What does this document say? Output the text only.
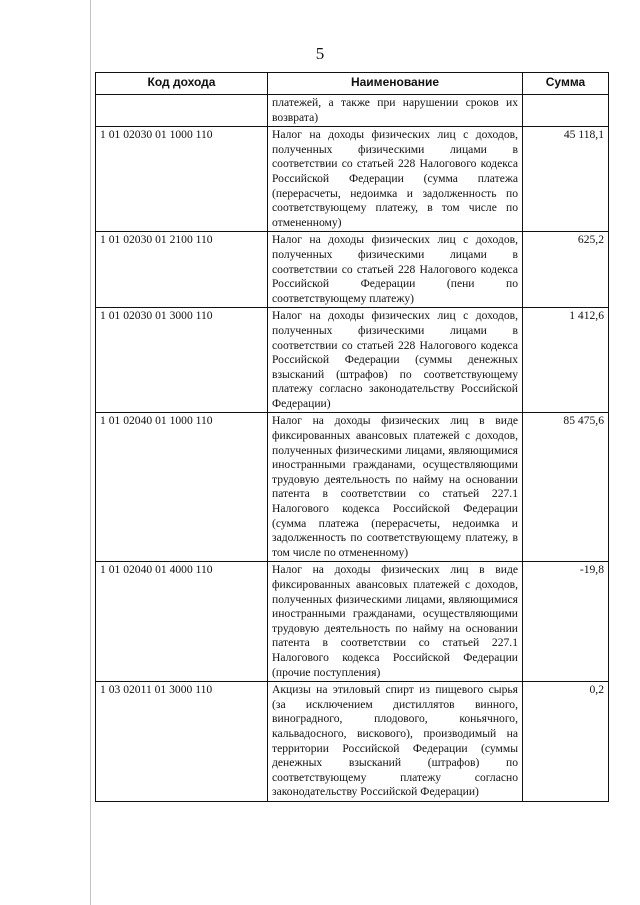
5
Код дохода	Наименование	Сумма
	платежей, а также при нарушении сроков их возврата)	
1 01 02030 01 1000 110	Налог на доходы физических лиц с доходов, полученных физическими лицами в соответствии со статьей 228 Налогового кодекса Российской Федерации (сумма платежа (перерасчеты, недоимка и задолженность по соответствующему платежу, в том числе по отмененному)	45 118,1
1 01 02030 01 2100 110	Налог на доходы физических лиц с доходов, полученных физическими лицами в соответствии со статьей 228 Налогового кодекса Российской Федерации (пени по соответствующему платежу)	625,2
1 01 02030 01 3000 110	Налог на доходы физических лиц с доходов, полученных физическими лицами в соответствии со статьей 228 Налогового кодекса Российской Федерации (суммы денежных взысканий (штрафов) по соответствующему платежу согласно законодательству Российской Федерации)	1 412,6
1 01 02040 01 1000 110	Налог на доходы физических лиц в виде фиксированных авансовых платежей с доходов, полученных физическими лицами, являющимися иностранными гражданами, осуществляющими трудовую деятельность по найму на основании патента в соответствии со статьей 227.1 Налогового кодекса Российской Федерации (сумма платежа (перерасчеты, недоимка и задолженность по соответствующему платежу, в том числе по отмененному)	85 475,6
1 01 02040 01 4000 110	Налог на доходы физических лиц в виде фиксированных авансовых платежей с доходов, полученных физическими лицами, являющимися иностранными гражданами, осуществляющими трудовую деятельность по найму на основании патента в соответствии со статьей 227.1 Налогового кодекса Российской Федерации (прочие поступления)	-19,8
1 03 02011 01 3000 110	Акцизы на этиловый спирт из пищевого сырья (за исключением дистиллятов винного, виноградного, плодового, коньячного, кальвадосного, вискового), производимый на территории Российской Федерации (суммы денежных взысканий (штрафов) по соответствующему платежу согласно законодательству Российской Федерации)	0,2
